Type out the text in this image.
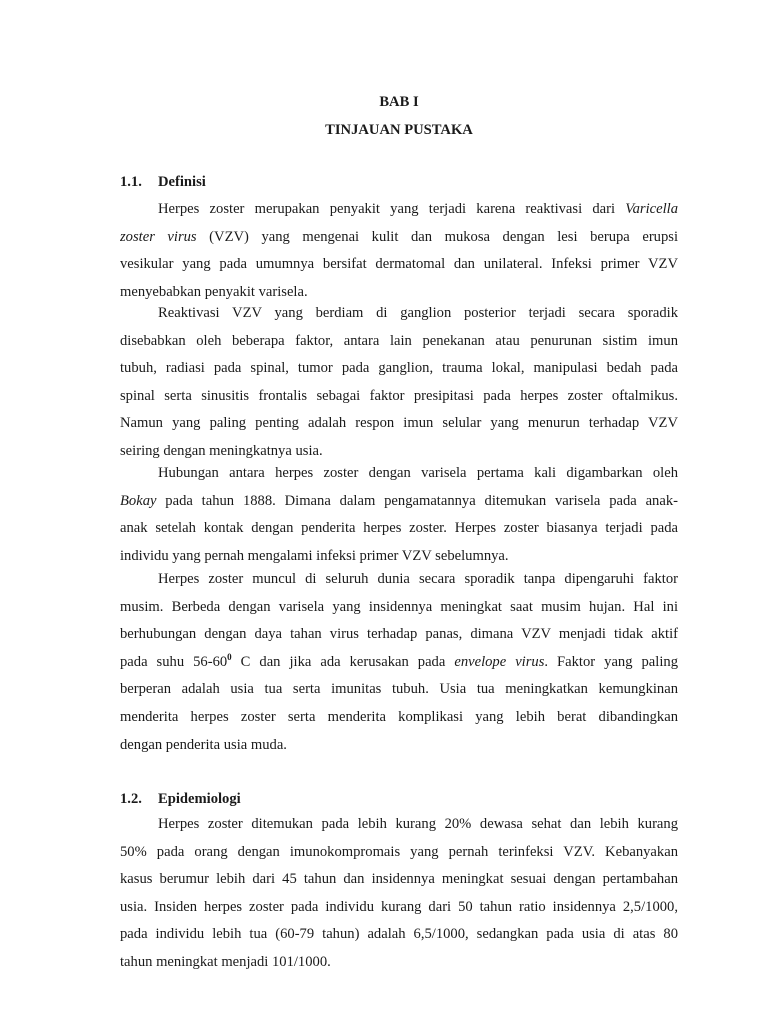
BAB I
TINJAUAN PUSTAKA
1.1. Definisi
Herpes zoster merupakan penyakit yang terjadi karena reaktivasi dari Varicella
zoster virus (VZV) yang mengenai kulit dan mukosa dengan lesi berupa erupsi
vesikular yang pada umumnya bersifat dermatomal dan unilateral. Infeksi primer VZV
menyebabkan penyakit varisela.
Reaktivasi VZV yang berdiam di ganglion posterior terjadi secara sporadik
disebabkan oleh beberapa faktor, antara lain penekanan atau penurunan sistim imun
tubuh, radiasi pada spinal, tumor pada ganglion, trauma lokal, manipulasi bedah pada
spinal serta sinusitis frontalis sebagai faktor presipitasi pada herpes zoster oftalmikus.
Namun yang paling penting adalah respon imun selular yang menurun terhadap VZV
seiring dengan meningkatnya usia.
Hubungan antara herpes zoster dengan varisela pertama kali digambarkan oleh
Bokay pada tahun 1888. Dimana dalam pengamatannya ditemukan varisela pada anak-
anak setelah kontak dengan penderita herpes zoster. Herpes zoster biasanya terjadi pada
individu yang pernah mengalami infeksi primer VZV sebelumnya.
Herpes zoster muncul di seluruh dunia secara sporadik tanpa dipengaruhi faktor
musim. Berbeda dengan varisela yang insidennya meningkat saat musim hujan. Hal ini
berhubungan dengan daya tahan virus terhadap panas, dimana VZV menjadi tidak aktif
pada suhu $56-60^0$ C dan jika ada kerusakan pada envelope virus. Faktor yang paling
berperan adalah usia tua serta imunitas tubuh. Usia tua meningkatkan kemungkinan
menderita herpes zoster serta menderita komplikasi yang lebih berat dibandingkan
dengan penderita usia muda.
1.2. Epidemiologi
Herpes zoster ditemukan pada lebih kurang 20% dewasa sehat dan lebih kurang
50% pada orang dengan imunokompromais yang pernah terinfeksi VZV. Kebanyakan
kasus berumur lebih dari 45 tahun dan insidennya meningkat sesuai dengan pertambahan
usia. Insiden herpes zoster pada individu kurang dari 50 tahun ratio insidennya 2,5/1000,
pada individu lebih tua (60-79 tahun) adalah 6,5/1000, sedangkan pada usia di atas 80
tahun meningkat menjadi 101/1000.
